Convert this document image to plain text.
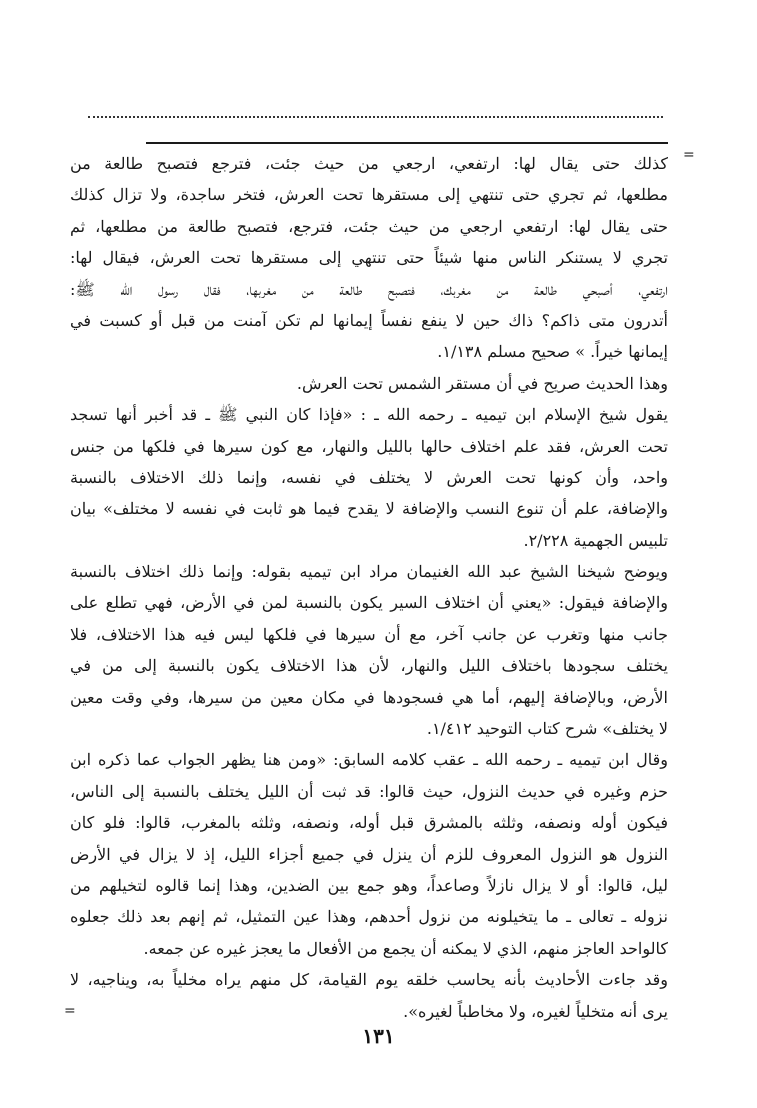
=
كذلك حتى يقال لها: ارتفعي، ارجعي من حيث جئت، فترجع فتصبح طالعة من
مطلعها، ثم تجري حتى تنتهي إلى مستقرها تحت العرش، فتخر ساجدة، ولا تزال كذلك
حتى يقال لها: ارتفعي ارجعي من حيث جئت، فترجع، فتصبح طالعة من مطلعها، ثم
تجري لا يستنكر الناس منها شيئاً حتى تنتهي إلى مستقرها تحت العرش، فيقال لها:
ارتفعي، أصبحي طالعة من مغربك، فتصبح طالعة من مغربها، فقال رسول الله ﷺ:
أتدرون متى ذاكم؟ ذاك حين لا ينفع نفساً إيمانها لم تكن آمنت من قبل أو كسبت في
إيمانها خيراً. » صحيح مسلم ١/١٣٨.
وهذا الحديث صريح في أن مستقر الشمس تحت العرش.
يقول شيخ الإسلام ابن تيميه ـ رحمه الله ـ : «فإذا كان النبي ﷺ ـ قد أخبر أنها تسجد
تحت العرش، فقد علم اختلاف حالها بالليل والنهار، مع كون سيرها في فلكها من جنس
واحد، وأن كونها تحت العرش لا يختلف في نفسه، وإنما ذلك الاختلاف بالنسبة
والإضافة، علم أن تنوع النسب والإضافة لا يقدح فيما هو ثابت في نفسه لا مختلف» بيان
تلبيس الجهمية ٢/٢٢٨.
ويوضح شيخنا الشيخ عبد الله الغنيمان مراد ابن تيميه بقوله: وإنما ذلك اختلاف بالنسبة
والإضافة فيقول: «يعني أن اختلاف السير يكون بالنسبة لمن في الأرض، فهي تطلع على
جانب منها وتغرب عن جانب آخر، مع أن سيرها في فلكها ليس فيه هذا الاختلاف، فلا
يختلف سجودها باختلاف الليل والنهار، لأن هذا الاختلاف يكون بالنسبة إلى من في
الأرض، وبالإضافة إليهم، أما هي فسجودها في مكان معين من سيرها، وفي وقت معين
لا يختلف» شرح كتاب التوحيد ١/٤١٢.
وقال ابن تيميه ـ رحمه الله ـ عقب كلامه السابق: «ومن هنا يظهر الجواب عما ذكره ابن
حزم وغيره في حديث النزول، حيث قالوا: قد ثبت أن الليل يختلف بالنسبة إلى الناس،
فيكون أوله ونصفه، وثلثه بالمشرق قبل أوله، ونصفه، وثلثه بالمغرب، قالوا: فلو كان
النزول هو النزول المعروف للزم أن ينزل في جميع أجزاء الليل، إذ لا يزال في الأرض
ليل، قالوا: أو لا يزال نازلاً وصاعداً، وهو جمع بين الضدين، وهذا إنما قالوه لتخيلهم من
نزوله ـ تعالى ـ ما يتخيلونه من نزول أحدهم، وهذا عين التمثيل، ثم إنهم بعد ذلك جعلوه
كالواحد العاجز منهم، الذي لا يمكنه أن يجمع من الأفعال ما يعجز غيره عن جمعه.
وقد جاءت الأحاديث بأنه يحاسب خلقه يوم القيامة، كل منهم يراه مخلياً به، ويناجيه، لا
يرى أنه متخلياً لغيره، ولا مخاطباً لغيره».
=
١٣١
